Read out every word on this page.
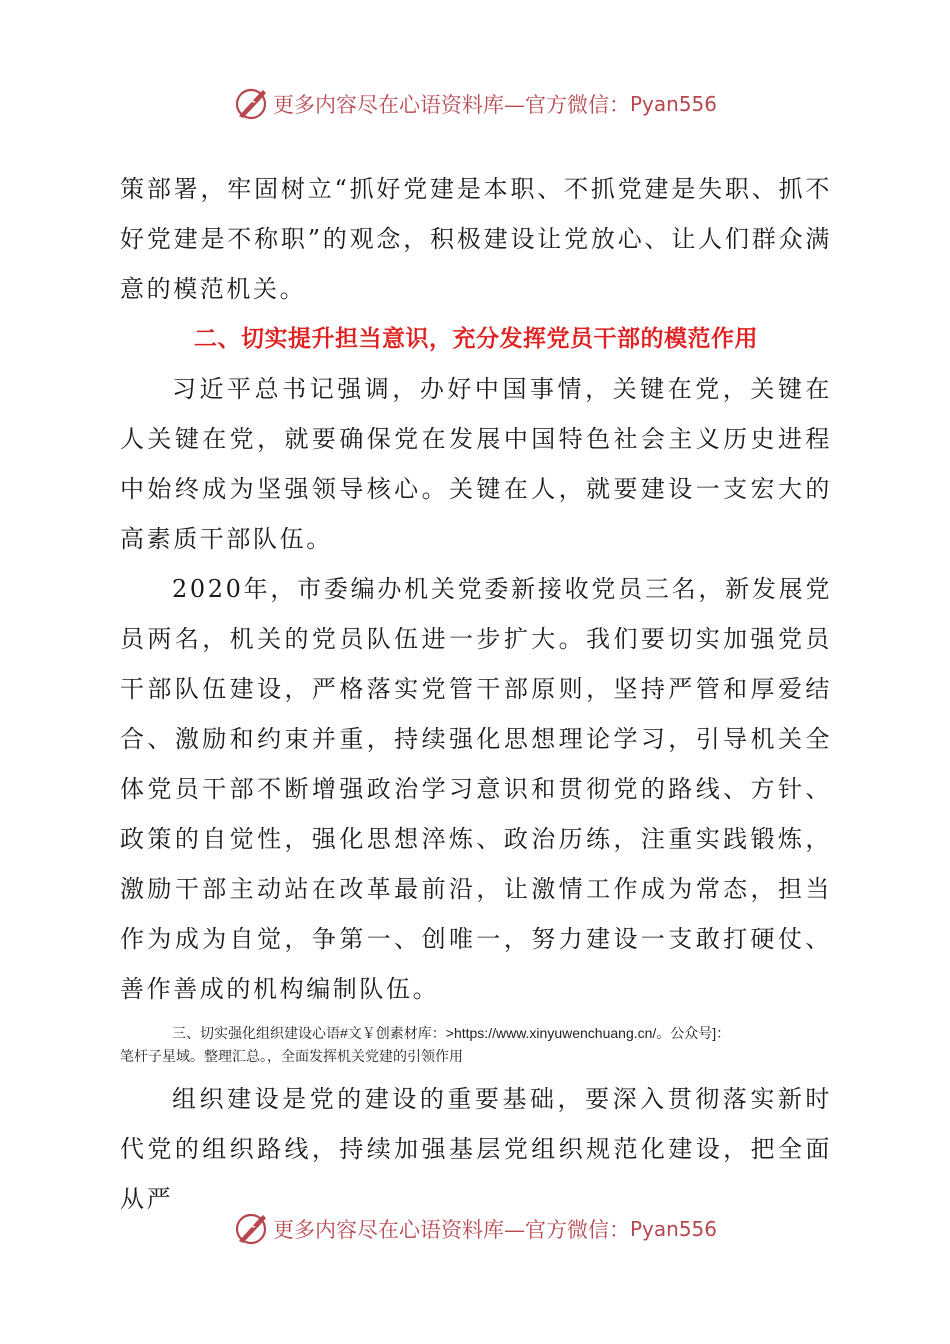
更多内容尽在心语资料库—官方微信： Pyan556

策部署，牢固树立“抓好党建是本职、不抓党建是失职、抓不好党建是不称职”的观念，积极建设让党放心、让人们群众满意的模范机关。

二、切实提升担当意识，充分发挥党员干部的模范作用

习近平总书记强调，办好中国事情，关键在党，关键在人关键在党，就要确保党在发展中国特色社会主义历史进程中始终成为坚强领导核心。关键在人，就要建设一支宏大的高素质干部队伍。

2020年，市委编办机关党委新接收党员三名，新发展党员两名，机关的党员队伍进一步扩大。我们要切实加强党员干部队伍建设，严格落实党管干部原则，坚持严管和厚爱结合、激励和约束并重，持续强化思想理论学习，引导机关全体党员干部不断增强政治学习意识和贯彻党的路线、方针、政策的自觉性，强化思想淬炼、政治历练，注重实践锻炼，激励干部主动站在改革最前沿，让激情工作成为常态，担当作为成为自觉，争第一、创唯一，努力建设一支敢打硬仗、善作善成的机构编制队伍。

三、切实强化组织建设心语#文￥创素材库：>https://www.xinyuwenchuang.cn/。公众号]：
笔杆子星域。整理汇总。，全面发挥机关党建的引领作用

组织建设是党的建设的重要基础，要深入贯彻落实新时代党的组织路线，持续加强基层党组织规范化建设，把全面从严

更多内容尽在心语资料库—官方微信： Pyan556
